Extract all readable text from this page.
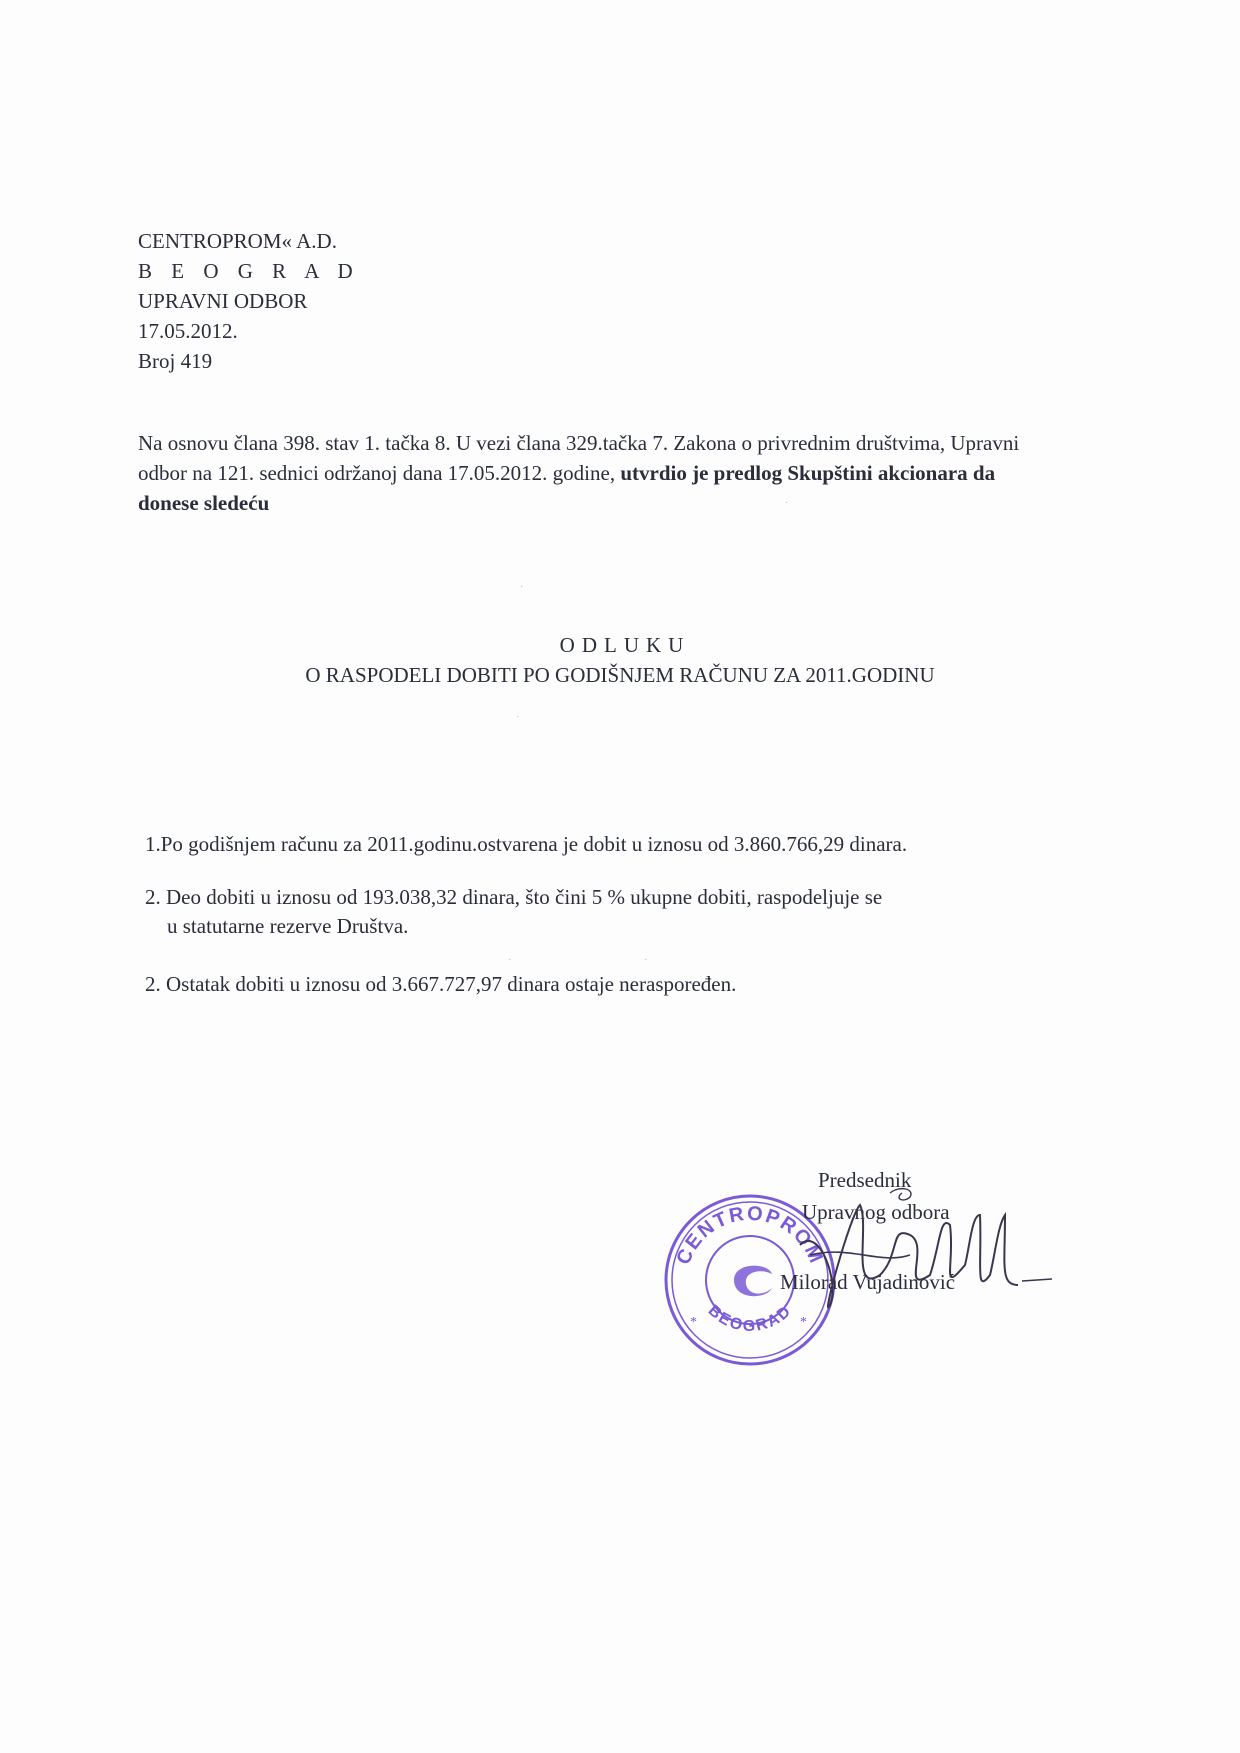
CENTROPROM« A.D.
B E O G R A D
UPRAVNI ODBOR
17.05.2012.
Broj 419
Na osnovu člana 398. stav 1. tačka 8. U vezi člana 329.tačka 7. Zakona o privrednim društvima, Upravni odbor na 121. sednici održanoj dana 17.05.2012. godine, utvrdio je predlog Skupštini akcionara da donese sledeću
ODLUKU
O RASPODELI DOBITI PO GODIŠNJEM RAČUNU ZA 2011.GODINU
1.Po godišnjem računu za 2011.godinu.ostvarena je dobit u iznosu od 3.860.766,29 dinara.
2. Deo dobiti u iznosu od 193.038,32 dinara, što čini 5 % ukupne dobiti, raspodeljuje se
u statutarne rezerve Društva.
2. Ostatak dobiti u iznosu od 3.667.727,97 dinara ostaje neraspoređen.
CENTROPROM
BEOGRAD
*	*
Predsednik
Upravnog odbora
Milorad Vujadinović
·
·
·	·
·
